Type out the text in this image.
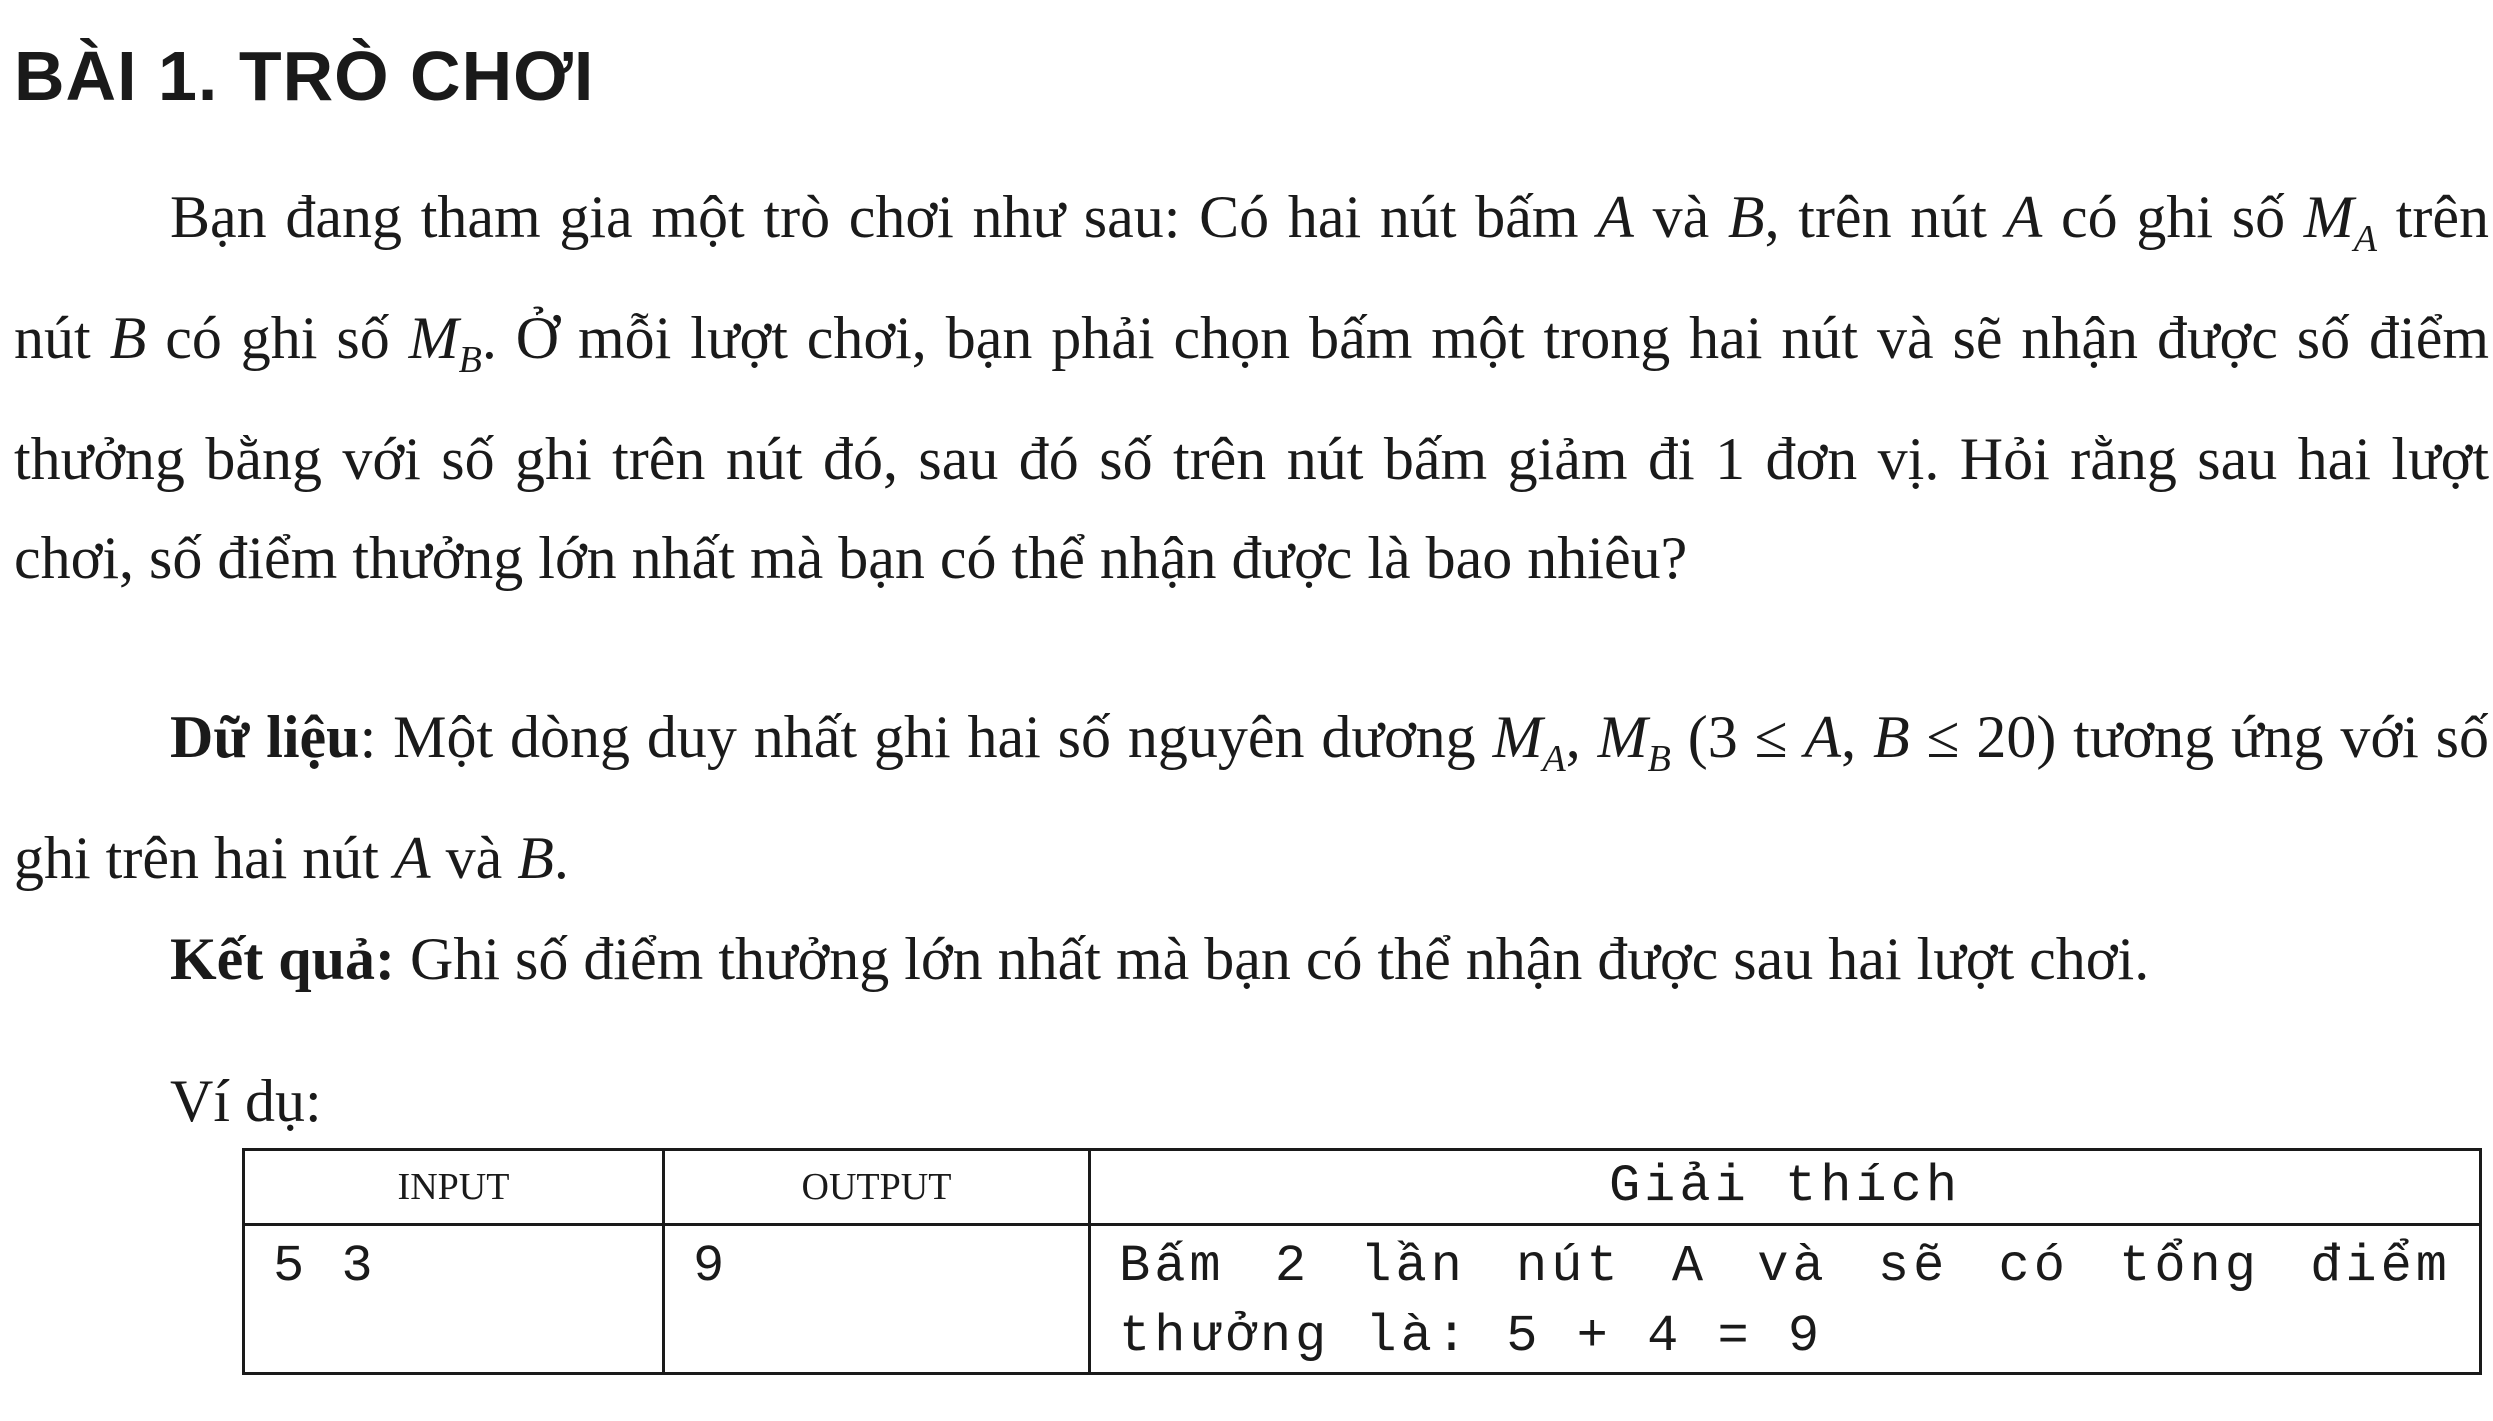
BÀI 1. TRÒ CHƠI

Bạn đang tham gia một trò chơi như sau: Có hai nút bấm A và B, trên nút A có ghi số $M_A$ trên nút B có ghi số $M_B$. Ở mỗi lượt chơi, bạn phải chọn bấm một trong hai nút và sẽ nhận được số điểm thưởng bằng với số ghi trên nút đó, sau đó số trên nút bấm giảm đi 1 đơn vị. Hỏi rằng sau hai lượt chơi, số điểm thưởng lớn nhất mà bạn có thể nhận được là bao nhiêu?

Dữ liệu: Một dòng duy nhất ghi hai số nguyên dương $M_A$, $M_B$ (3 ≤ A, B ≤ 20) tương ứng với số ghi trên hai nút A và B.

Kết quả: Ghi số điểm thưởng lớn nhất mà bạn có thể nhận được sau hai lượt chơi.

Ví dụ:

INPUT	OUTPUT	Giải thích
5 3	9	Bấm 2 lần nút A và sẽ có tổng điểm thưởng là: 5 + 4 = 9
